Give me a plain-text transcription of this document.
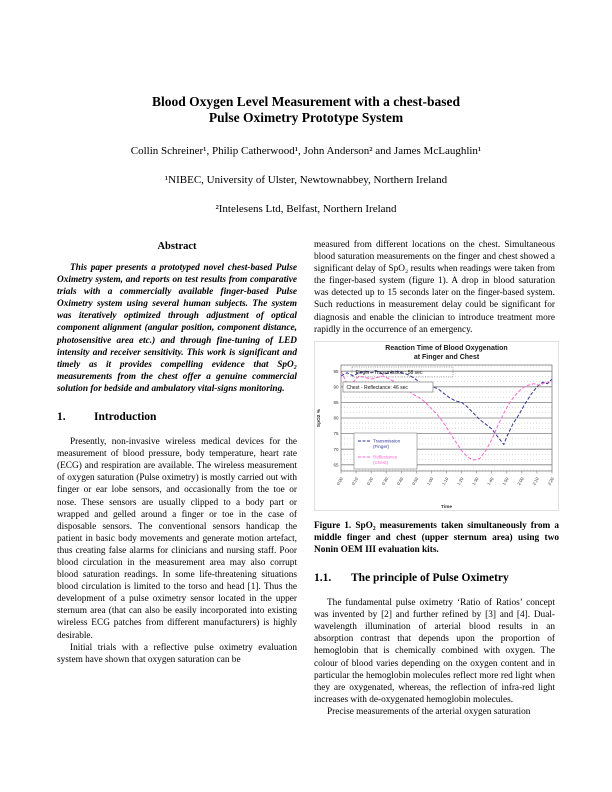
Blood Oxygen Level Measurement with a chest-based
Pulse Oximetry Prototype System
Collin Schreiner¹, Philip Catherwood¹, John Anderson² and James McLaughlin¹
¹NIBEC, University of Ulster, Newtownabbey, Northern Ireland
²Intelesens Ltd, Belfast, Northern Ireland
Abstract

This paper presents a prototyped novel chest-based Pulse Oximetry system, and reports on test results from comparative trials with a commercially available finger-based Pulse Oximetry system using several human subjects. The system was iteratively optimized through adjustment of optical component alignment (angular position, component distance, photosensitive area etc.) and through fine-tuning of LED intensity and receiver sensitivity. This work is significant and timely as it provides compelling evidence that SpO₂ measurements from the chest offer a genuine commercial solution for bedside and ambulatory vital-signs monitoring.

1. Introduction

Presently, non-invasive wireless medical devices for the measurement of blood pressure, body temperature, heart rate (ECG) and respiration are available. The wireless measurement of oxygen saturation (Pulse oximetry) is mostly carried out with finger or ear lobe sensors, and occasionally from the toe or nose. These sensors are usually clipped to a body part or wrapped and gelled around a finger or toe in the case of disposable sensors. The conventional sensors handicap the patient in basic body movements and generate motion artefact, thus creating false alarms for clinicians and nursing staff. Poor blood circulation in the measurement area may also corrupt blood saturation readings. In some life-threatening situations blood circulation is limited to the torso and head [1]. Thus the development of a pulse oximetry sensor located in the upper sternum area (that can also be easily incorporated into existing wireless ECG patches from different manufacturers) is highly desirable.

Initial trials with a reflective pulse oximetry evaluation system have shown that oxygen saturation can be

measured from different locations on the chest. Simultaneous blood saturation measurements on the finger and chest showed a significant delay of SpO₂ results when readings were taken from the finger-based system (figure 1). A drop in blood saturation was detected up to 15 seconds later on the finger-based system. Such reductions in measurement delay could be significant for diagnosis and enable the clinician to introduce treatment more rapidly in the occurrence of an emergency.

Reaction Time of Blood Oxygenation
at Finger and Chest
65
70
75
80
85
90
95
0:00 0:10 0:20 0:30 0:40 0:50 1:00 1:10 1:20 1:30 1:40 1:50 2:00 2:10 2:20
Time
SpO2 %
Finger - Transmission : 58 sec
Chest - Reflectance: 46 sec
Transmission
(Finger)
Reflectance
(Chest)

Figure 1. SpO₂ measurements taken simultaneously from a middle finger and chest (upper sternum area) using two Nonin OEM III evaluation kits.

1.1. The principle of Pulse Oximetry

The fundamental pulse oximetry ‘Ratio of Ratios’ concept was invented by [2] and further refined by [3] and [4]. Dual-wavelength illumination of arterial blood results in an absorption contrast that depends upon the proportion of hemoglobin that is chemically combined with oxygen. The colour of blood varies depending on the oxygen content and in particular the hemoglobin molecules reflect more red light when they are oxygenated, whereas, the reflection of infra-red light increases with de-oxygenated hemoglobin molecules.

Precise measurements of the arterial oxygen saturation
